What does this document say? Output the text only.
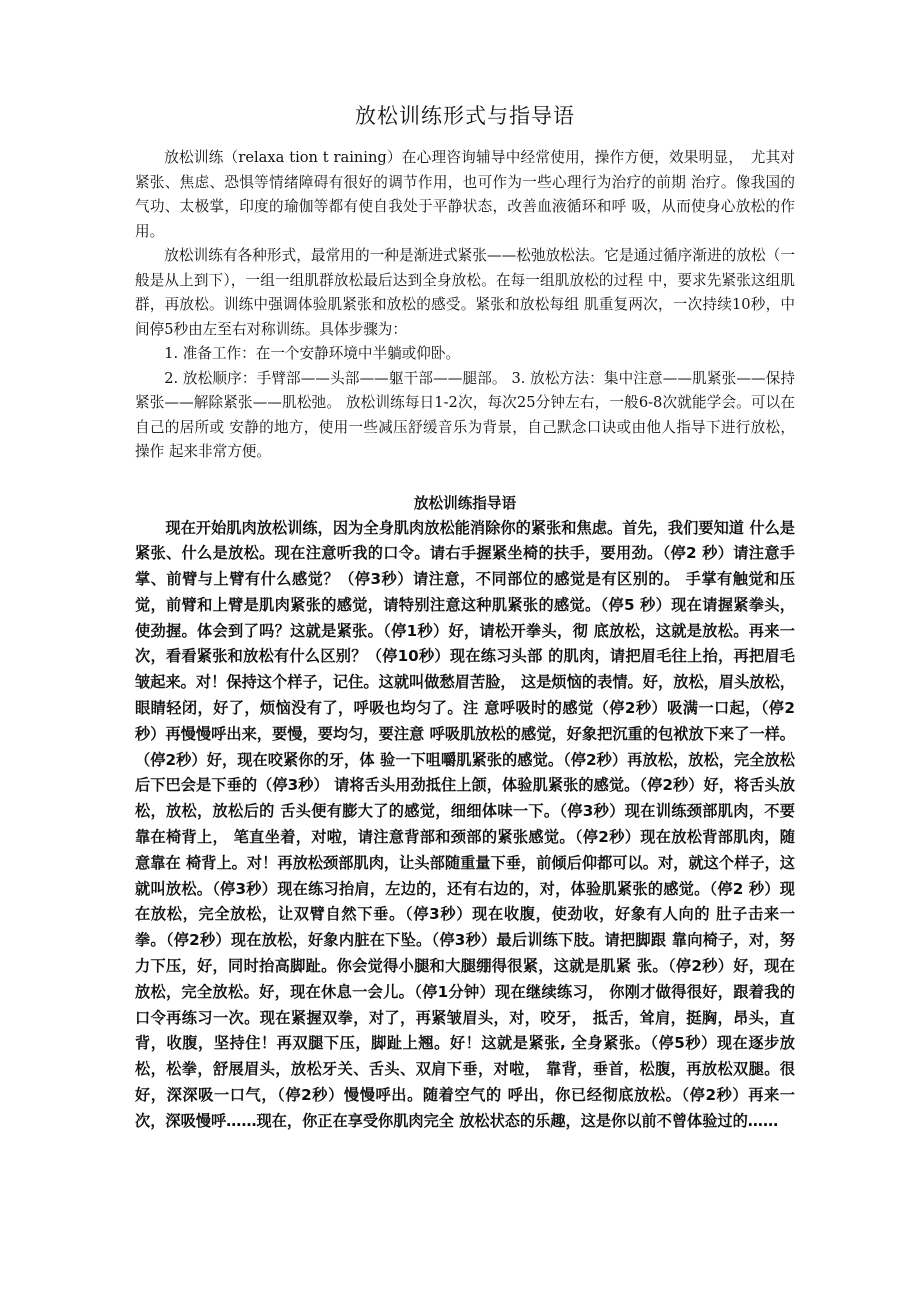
放松训练形式与指导语

放松训练（relaxa tion t raining）在心理咨询辅导中经常使用，操作方便，效果明显，　尤其对紧张、焦虑、恐惧等情绪障碍有很好的调节作用，也可作为一些心理行为治疗的前期 治疗。像我国的气功、太极掌，印度的瑜伽等都有使自我处于平静状态，改善血液循环和呼 吸，从而使身心放松的作用。

放松训练有各种形式，最常用的一种是渐进式紧张——松弛放松法。它是通过循序渐进的放松（一般是从上到下），一组一组肌群放松最后达到全身放松。在每一组肌放松的过程 中，要求先紧张这组肌群，再放松。训练中强调体验肌紧张和放松的感受。紧张和放松每组 肌重复两次，一次持续10秒，中间停5秒由左至右对称训练。具体步骤为：

1. 准备工作：在一个安静环境中半躺或仰卧。

2. 放松顺序：手臂部——头部——躯干部——腿部。 3. 放松方法：集中注意——肌紧张——保持紧张——解除紧张——肌松弛。 放松训练每日1-2次，每次25分钟左右，一般6-8次就能学会。可以在自己的居所或 安静的地方，使用一些减压舒缓音乐为背景，自己默念口诀或由他人指导下进行放松，操作 起来非常方便。

放松训练指导语

现在开始肌肉放松训练，因为全身肌肉放松能消除你的紧张和焦虑。首先，我们要知道 什么是紧张、什么是放松。现在注意听我的口令。请右手握紧坐椅的扶手，要用劲。（停2 秒）请注意手掌、前臂与上臂有什么感觉？（停3秒）请注意，不同部位的感觉是有区别的。 手掌有触觉和压觉，前臂和上臂是肌肉紧张的感觉，请特别注意这种肌紧张的感觉。（停5 秒）现在请握紧拳头，使劲握。体会到了吗？这就是紧张。（停1秒）好，请松开拳头，彻 底放松，这就是放松。再来一次，看看紧张和放松有什么区别？（停10秒）现在练习头部 的肌肉，请把眉毛往上抬，再把眉毛皱起来。对！保持这个样子，记住。这就叫做愁眉苦脸， 这是烦恼的表情。好，放松，眉头放松，眼睛轻闭，好了，烦恼没有了，呼吸也均匀了。注 意呼吸时的感觉（停2秒）吸满一口起，（停2秒）再慢慢呼出来，要慢，要均匀，要注意 呼吸肌放松的感觉，好象把沉重的包袱放下来了一样。（停2秒）好，现在咬紧你的牙，体 验一下咀嚼肌紧张的感觉。（停2秒）再放松，放松，完全放松后下巴会是下垂的（停3秒） 请将舌头用劲抵住上颌，体验肌紧张的感觉。（停2秒）好，将舌头放松，放松，放松后的 舌头便有膨大了的感觉，细细体味一下。（停3秒）现在训练颈部肌肉，不要靠在椅背上， 笔直坐着，对啦，请注意背部和颈部的紧张感觉。（停2秒）现在放松背部肌肉，随意靠在 椅背上。对！再放松颈部肌肉，让头部随重量下垂，前倾后仰都可以。对，就这个样子，这 就叫放松。（停3秒）现在练习抬肩，左边的，还有右边的，对，体验肌紧张的感觉。（停2 秒）现在放松，完全放松，让双臂自然下垂。（停3秒）现在收腹，使劲收，好象有人向的 肚子击来一拳。（停2秒）现在放松，好象内脏在下坠。（停3秒）最后训练下肢。请把脚跟 靠向椅子，对，努力下压，好，同时抬高脚趾。你会觉得小腿和大腿绷得很紧，这就是肌紧 张。（停2秒）好，现在放松，完全放松。好，现在休息一会儿。（停1分钟）现在继续练习， 你刚才做得很好，跟着我的口令再练习一次。现在紧握双拳，对了，再紧皱眉头，对，咬牙， 抵舌，耸肩，挺胸，昂头，直背，收腹，坚持住！再双腿下压，脚趾上翘。好！这就是紧张, 全身紧张。（停5秒）现在逐步放松，松拳，舒展眉头，放松牙关、舌头、双肩下垂，对啦， 靠背，垂首，松腹，再放松双腿。很好，深深吸一口气，（停2秒）慢慢呼出。随着空气的 呼出，你已经彻底放松。（停2秒）再来一次，深吸慢呼……现在，你正在享受你肌肉完全 放松状态的乐趣，这是你以前不曾体验过的……
